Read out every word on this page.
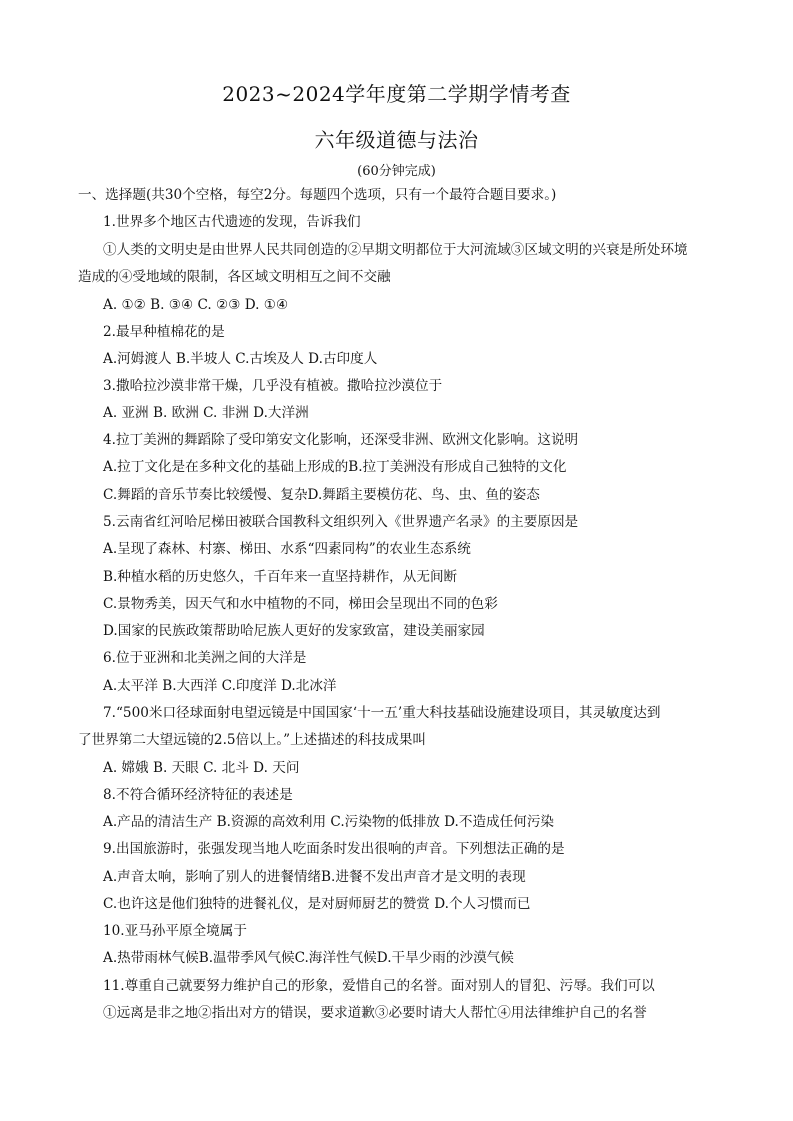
2023~2024学年度第二学期学情考查
六年级道德与法治
(60分钟完成)
一、选择题(共30个空格，每空2分。每题四个选项，只有一个最符合题目要求。)
1.世界多个地区古代遗迹的发现，告诉我们
①人类的文明史是由世界人民共同创造的②早期文明都位于大河流域③区域文明的兴衰是所处环境
造成的④受地域的限制，各区域文明相互之间不交融
A. ①② B. ③④ C. ②③ D. ①④
2.最早种植棉花的是
A.河姆渡人 B.半坡人 C.古埃及人 D.古印度人
3.撒哈拉沙漠非常干燥，几乎没有植被。撒哈拉沙漠位于
A. 亚洲 B. 欧洲 C. 非洲 D.大洋洲
4.拉丁美洲的舞蹈除了受印第安文化影响，还深受非洲、欧洲文化影响。这说明
A.拉丁文化是在多种文化的基础上形成的B.拉丁美洲没有形成自己独特的文化
C.舞蹈的音乐节奏比较缓慢、复杂D.舞蹈主要模仿花、鸟、虫、鱼的姿态
5.云南省红河哈尼梯田被联合国教科文组织列入《世界遗产名录》的主要原因是
A.呈现了森林、村寨、梯田、水系“四素同构”的农业生态系统
B.种植水稻的历史悠久，千百年来一直坚持耕作，从无间断
C.景物秀美，因天气和水中植物的不同，梯田会呈现出不同的色彩
D.国家的民族政策帮助哈尼族人更好的发家致富，建设美丽家园
6.位于亚洲和北美洲之间的大洋是
A.太平洋 B.大西洋 C.印度洋 D.北冰洋
7.“500米口径球面射电望远镜是中国国家‘十一五’重大科技基础设施建设项目，其灵敏度达到
了世界第二大望远镜的2.5倍以上。”上述描述的科技成果叫
A. 嫦娥 B. 天眼 C. 北斗 D. 天问
8.不符合循环经济特征的表述是
A.产品的清洁生产 B.资源的高效利用 C.污染物的低排放 D.不造成任何污染
9.出国旅游时，张强发现当地人吃面条时发出很响的声音。下列想法正确的是
A.声音太响，影响了别人的进餐情绪B.进餐不发出声音才是文明的表现
C.也许这是他们独特的进餐礼仪，是对厨师厨艺的赞赏 D.个人习惯而已
10.亚马孙平原全境属于
A.热带雨林气候B.温带季风气候C.海洋性气候D.干旱少雨的沙漠气候
11.尊重自己就要努力维护自己的形象，爱惜自己的名誉。面对别人的冒犯、污辱。我们可以
①远离是非之地②指出对方的错误，要求道歉③必要时请大人帮忙④用法律维护自己的名誉
